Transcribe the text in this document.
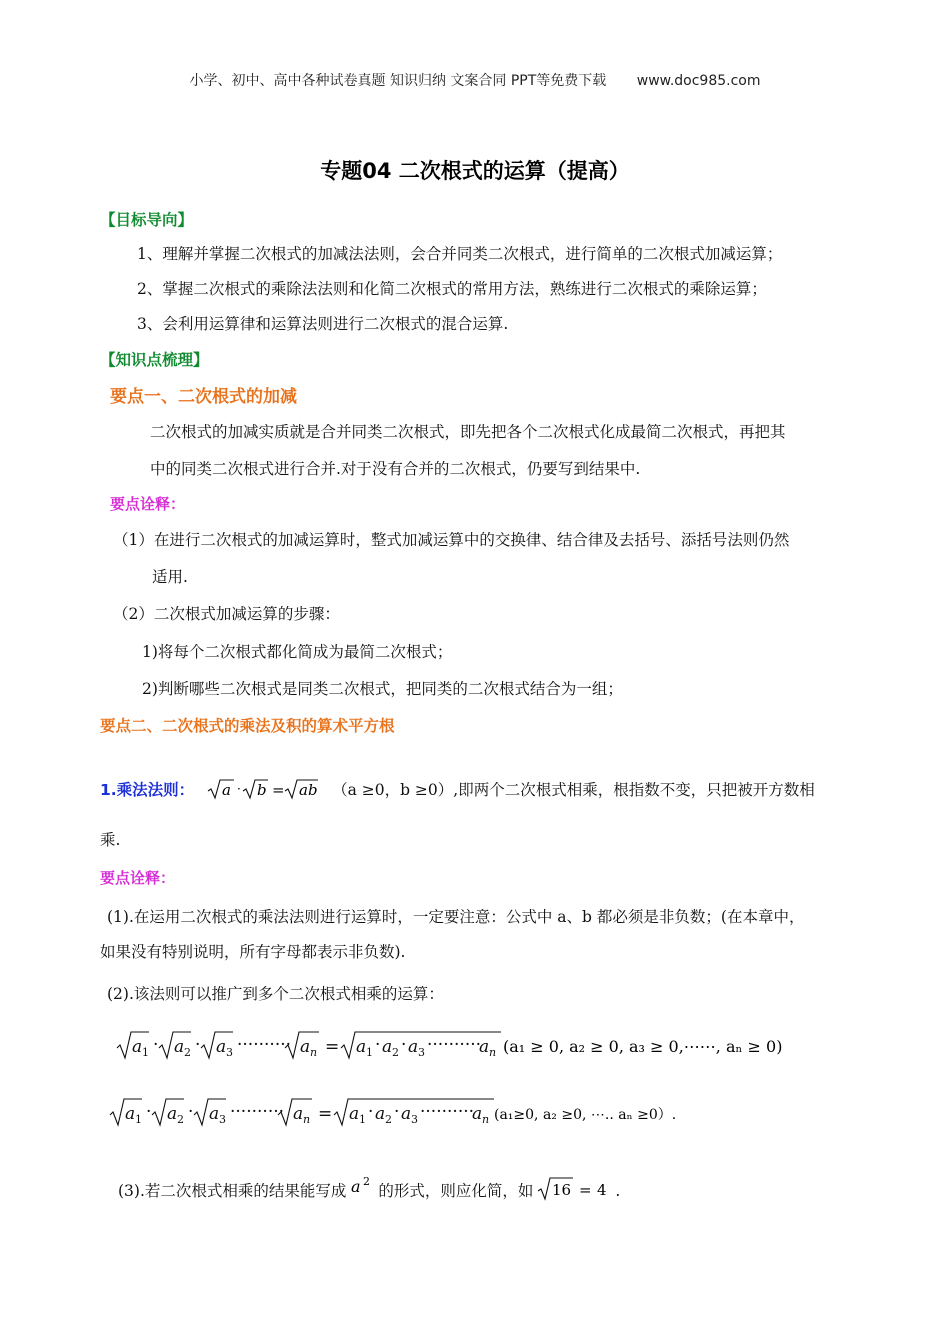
小学、初中、高中各种试卷真题 知识归纳 文案合同 PPT等免费下载 www.doc985.com
专题04 二次根式的运算（提高）
【目标导向】
1、理解并掌握二次根式的加减法法则，会合并同类二次根式，进行简单的二次根式加减运算；
2、掌握二次根式的乘除法法则和化简二次根式的常用方法，熟练进行二次根式的乘除运算；
3、会利用运算律和运算法则进行二次根式的混合运算.
【知识点梳理】
要点一、二次根式的加减
二次根式的加减实质就是合并同类二次根式，即先把各个二次根式化成最简二次根式，再把其
中的同类二次根式进行合并.对于没有合并的二次根式，仍要写到结果中.
要点诠释：
（1）在进行二次根式的加减运算时，整式加减运算中的交换律、结合律及去括号、添括号法则仍然
适用.
（2）二次根式加减运算的步骤：
1)将每个二次根式都化简成为最简二次根式；
2)判断哪些二次根式是同类二次根式，把同类的二次根式结合为一组；
要点二、二次根式的乘法及积的算术平方根
1.乘法法则： a · b = ab （a ≥0，b ≥0）,即两个二次根式相乘，根指数不变，只把被开方数相
乘.
要点诠释：
(1).在运用二次根式的乘法法则进行运算时，一定要注意：公式中 a、b 都必须是非负数；(在本章中，
如果没有特别说明，所有字母都表示非负数).
(2).该法则可以推广到多个二次根式相乘的运算：
a 1 · a 2 · a 3 ·········· a n = a 1 · a 2 · a 3 ··········
a n (a₁ ≥ 0, a₂ ≥ 0, a₃ ≥ 0,⋯⋯, aₙ ≥ 0)
a 1 · a 2 · a 3 ·········· a n = a 1 · a 2 · a 3 ··········
a n (a₁≥0, a₂ ≥0, ⋯.. aₙ ≥0）.
(3).若二次根式相乘的结果能写成 a 2
的形式，则应化简，如 16 = 4 .
